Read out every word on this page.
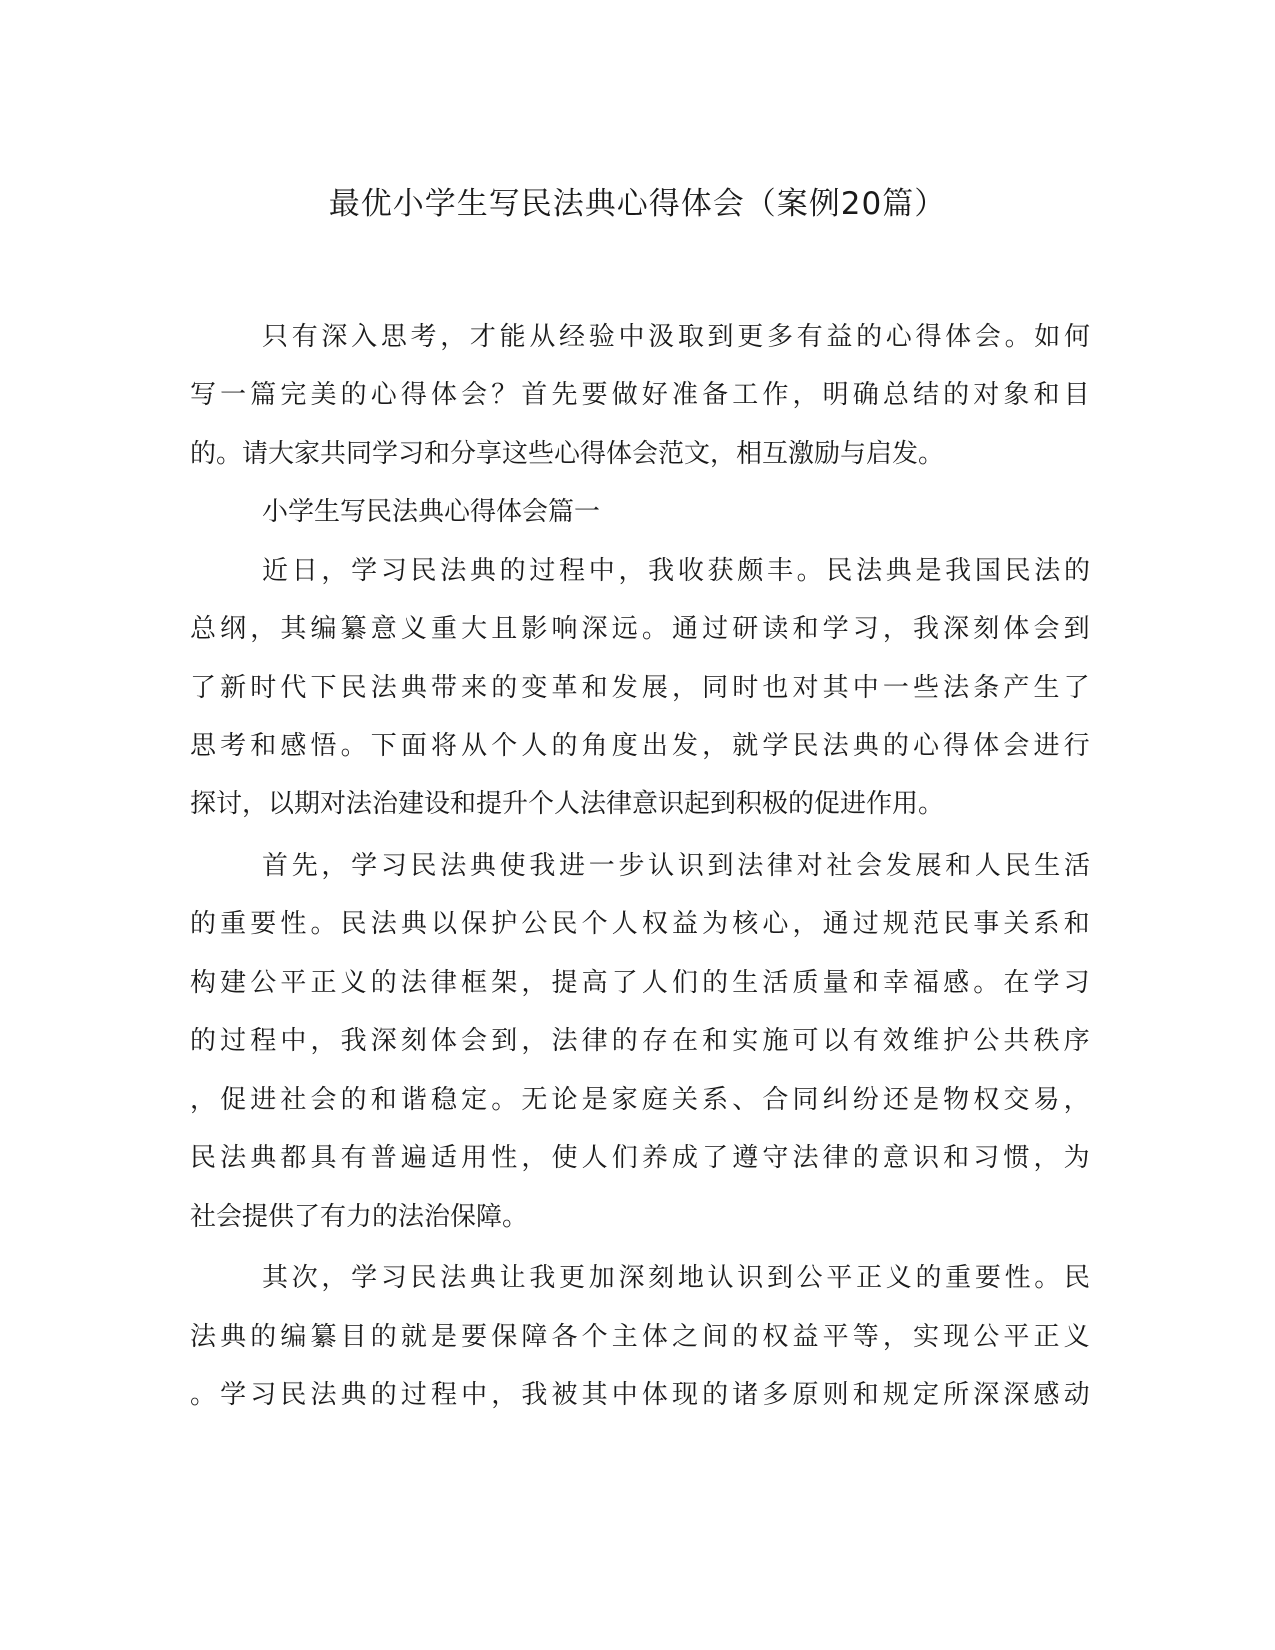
最优小学生写民法典心得体会（案例20篇）
只 有 深 入 思 考 ， 才 能 从 经 验 中 汲 取 到 更 多 有 益 的 心 得 体 会 。 如 何
写 一 篇 完 美 的 心 得 体 会 ？ 首 先 要 做 好 准 备 工 作 ， 明 确 总 结 的 对 象 和 目
的。请大家共同学习和分享这些心得体会范文，相互激励与启发。
小学生写民法典心得体会篇一
近 日 ， 学 习 民 法 典 的 过 程 中 ， 我 收 获 颇 丰 。 民 法 典 是 我 国 民 法 的
总 纲 ， 其 编 纂 意 义 重 大 且 影 响 深 远 。 通 过 研 读 和 学 习 ， 我 深 刻 体 会 到
了 新 时 代 下 民 法 典 带 来 的 变 革 和 发 展 ， 同 时 也 对 其 中 一 些 法 条 产 生 了
思 考 和 感 悟 。 下 面 将 从 个 人 的 角 度 出 发 ， 就 学 民 法 典 的 心 得 体 会 进 行
探讨，以期对法治建设和提升个人法律意识起到积极的促进作用。
首 先 ， 学 习 民 法 典 使 我 进 一 步 认 识 到 法 律 对 社 会 发 展 和 人 民 生 活
的 重 要 性 。 民 法 典 以 保 护 公 民 个 人 权 益 为 核 心 ， 通 过 规 范 民 事 关 系 和
构 建 公 平 正 义 的 法 律 框 架 ， 提 高 了 人 们 的 生 活 质 量 和 幸 福 感 。 在 学 习
的 过 程 中 ， 我 深 刻 体 会 到 ， 法 律 的 存 在 和 实 施 可 以 有 效 维 护 公 共 秩 序
， 促 进 社 会 的 和 谐 稳 定 。 无 论 是 家 庭 关 系 、 合 同 纠 纷 还 是 物 权 交 易 ，
民 法 典 都 具 有 普 遍 适 用 性 ， 使 人 们 养 成 了 遵 守 法 律 的 意 识 和 习 惯 ， 为
社会提供了有力的法治保障。
其 次 ， 学 习 民 法 典 让 我 更 加 深 刻 地 认 识 到 公 平 正 义 的 重 要 性 。 民
法 典 的 编 纂 目 的 就 是 要 保 障 各 个 主 体 之 间 的 权 益 平 等 ， 实 现 公 平 正 义
。 学 习 民 法 典 的 过 程 中 ， 我 被 其 中 体 现 的 诸 多 原 则 和 规 定 所 深 深 感 动
